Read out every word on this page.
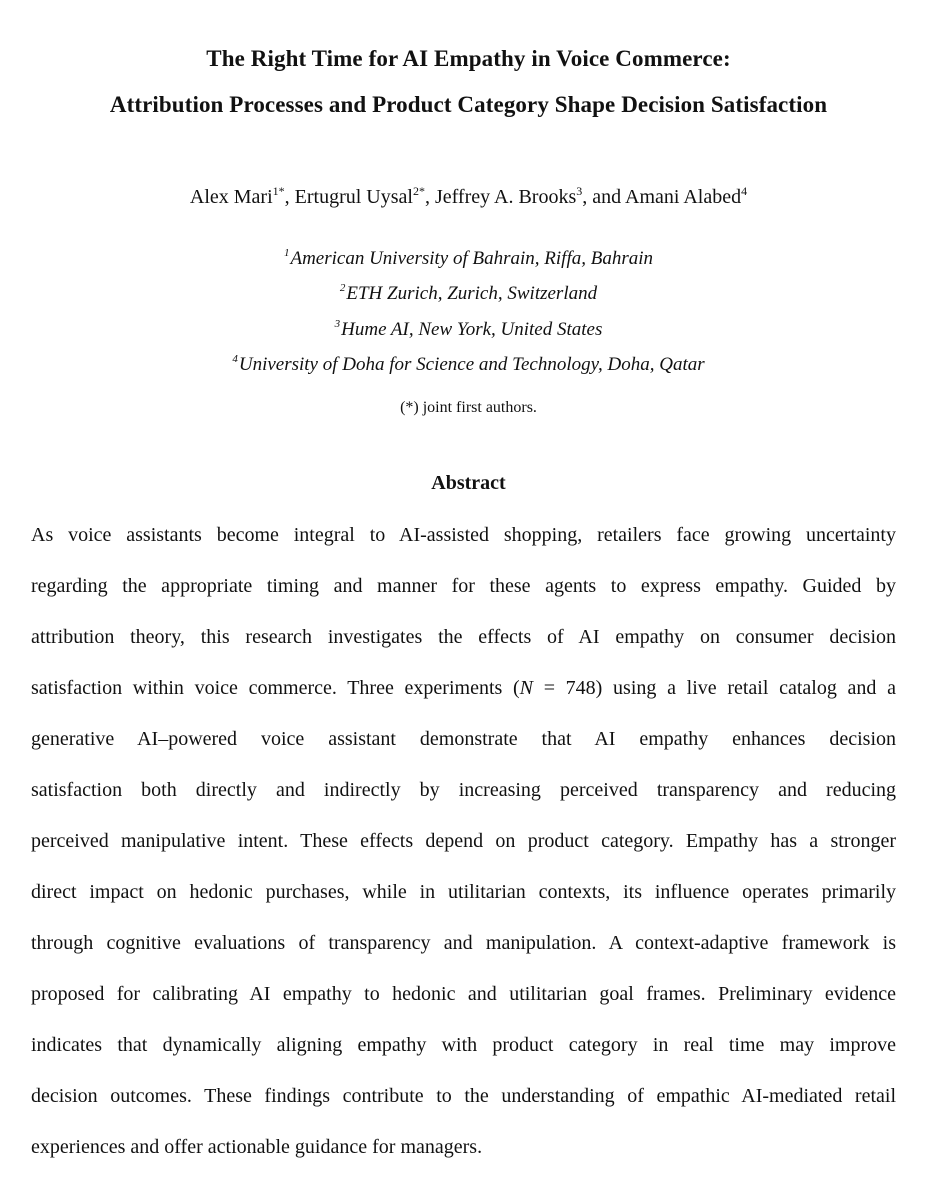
The Right Time for AI Empathy in Voice Commerce:
Attribution Processes and Product Category Shape Decision Satisfaction
Alex Mari$^{1*}$, Ertugrul Uysal$^{2*}$, Jeffrey A. Brooks$^3$, and Amani Alabed$^4$
$^1$American University of Bahrain, Riffa, Bahrain
$^2$ETH Zurich, Zurich, Switzerland
$^3$Hume AI, New York, United States
$^4$University of Doha for Science and Technology, Doha, Qatar
(*) joint first authors.
Abstract
As voice assistants become integral to AI-assisted shopping, retailers face growing uncertainty
regarding the appropriate timing and manner for these agents to express empathy. Guided by
attribution theory, this research investigates the effects of AI empathy on consumer decision
satisfaction within voice commerce. Three experiments (N = 748) using a live retail catalog and a
generative AI–powered voice assistant demonstrate that AI empathy enhances decision
satisfaction both directly and indirectly by increasing perceived transparency and reducing
perceived manipulative intent. These effects depend on product category. Empathy has a stronger
direct impact on hedonic purchases, while in utilitarian contexts, its influence operates primarily
through cognitive evaluations of transparency and manipulation. A context-adaptive framework is
proposed for calibrating AI empathy to hedonic and utilitarian goal frames. Preliminary evidence
indicates that dynamically aligning empathy with product category in real time may improve
decision outcomes. These findings contribute to the understanding of empathic AI-mediated retail
experiences and offer actionable guidance for managers.
